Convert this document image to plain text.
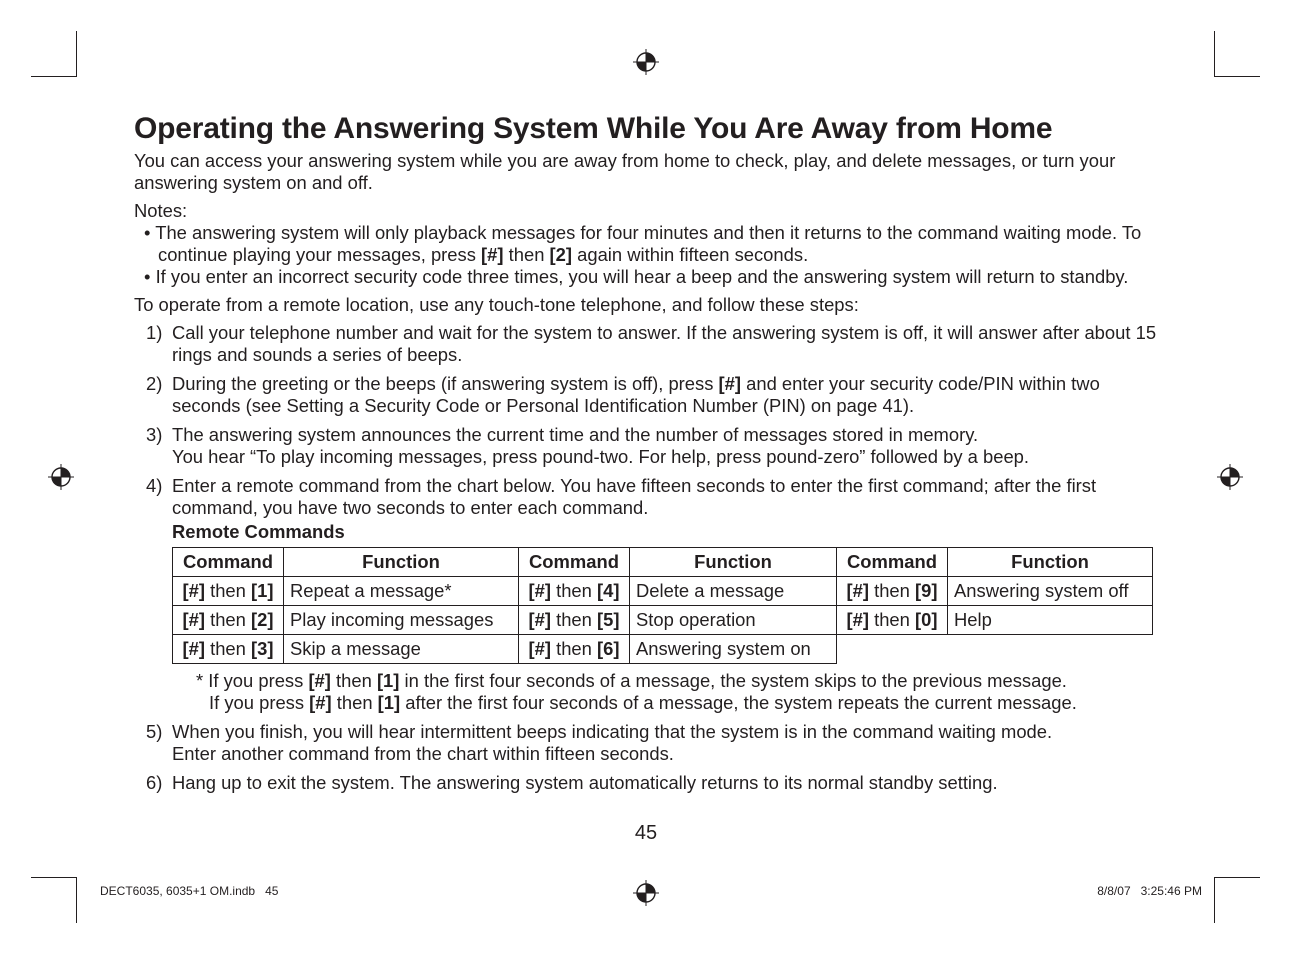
Operating the Answering System While You Are Away from Home

You can access your answering system while you are away from home to check, play, and delete messages, or turn your answering system on and off.

Notes:

• The answering system will only playback messages for four minutes and then it returns to the command waiting mode. To continue playing your messages, press [#] then [2] again within fifteen seconds.
• If you enter an incorrect security code three times, you will hear a beep and the answering system will return to standby.

To operate from a remote location, use any touch-tone telephone, and follow these steps:

1) Call your telephone number and wait for the system to answer. If the answering system is off, it will answer after about 15 rings and sounds a series of beeps.
2) During the greeting or the beeps (if answering system is off), press [#] and enter your security code/PIN within two seconds (see Setting a Security Code or Personal Identification Number (PIN) on page 41).
3) The answering system announces the current time and the number of messages stored in memory.
You hear “To play incoming messages, press pound-two. For help, press pound-zero” followed by a beep.
4) Enter a remote command from the chart below. You have fifteen seconds to enter the first command; after the first command, you have two seconds to enter each command.
Remote Commands
Command	Function	Command	Function	Command	Function
[#] then [1]	Repeat a message*	[#] then [4]	Delete a message	[#] then [9]	Answering system off
[#] then [2]	Play incoming messages	[#] then [5]	Stop operation	[#] then [0]	Help
[#] then [3]	Skip a message	[#] then [6]	Answering system on		
* If you press [#] then [1] in the first four seconds of a message, the system skips to the previous message.
If you press [#] then [1] after the first four seconds of a message, the system repeats the current message.
5) When you finish, you will hear intermittent beeps indicating that the system is in the command waiting mode.
Enter another command from the chart within fifteen seconds.
6) Hang up to exit the system. The answering system automatically returns to its normal standby setting.
45
DECT6035, 6035+1 OM.indb   45	8/8/07   3:25:46 PM
